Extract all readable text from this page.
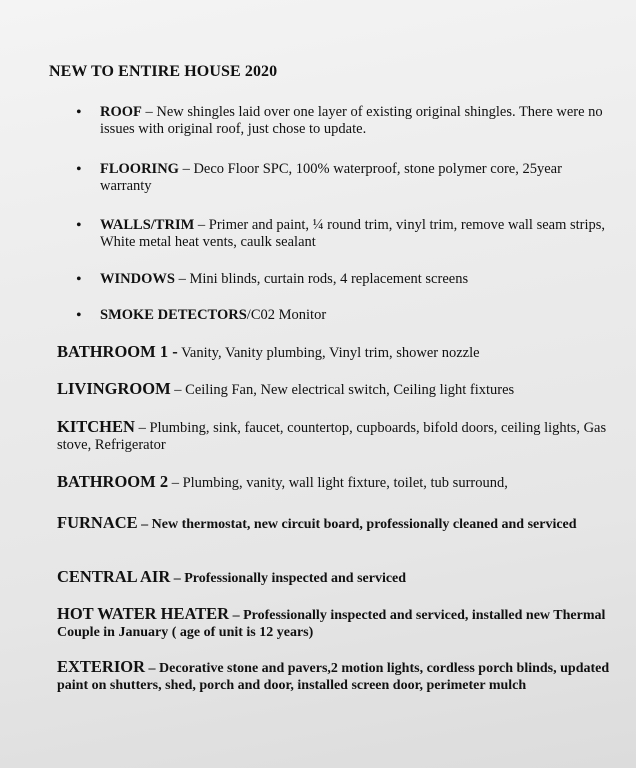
NEW TO ENTIRE HOUSE 2020
• ROOF – New shingles laid over one layer of existing original shingles. There were no issues with original roof, just chose to update.
• FLOORING – Deco Floor SPC, 100% waterproof, stone polymer core, 25year warranty
• WALLS/TRIM – Primer and paint, ¼ round trim, vinyl trim, remove wall seam strips, White metal heat vents, caulk sealant
• WINDOWS – Mini blinds, curtain rods, 4 replacement screens
• SMOKE DETECTORS/C02 Monitor
BATHROOM 1 - Vanity, Vanity plumbing, Vinyl trim, shower nozzle
LIVINGROOM – Ceiling Fan, New electrical switch, Ceiling light fixtures
KITCHEN – Plumbing, sink, faucet, countertop, cupboards, bifold doors, ceiling lights, Gas stove, Refrigerator
BATHROOM 2 – Plumbing, vanity, wall light fixture, toilet, tub surround,
FURNACE – New thermostat, new circuit board, professionally cleaned and serviced
CENTRAL AIR – Professionally inspected and serviced
HOT WATER HEATER – Professionally inspected and serviced, installed new Thermal Couple in January ( age of unit is 12 years)
EXTERIOR – Decorative stone and pavers,2 motion lights, cordless porch blinds, updated paint on shutters, shed, porch and door, installed screen door, perimeter mulch
